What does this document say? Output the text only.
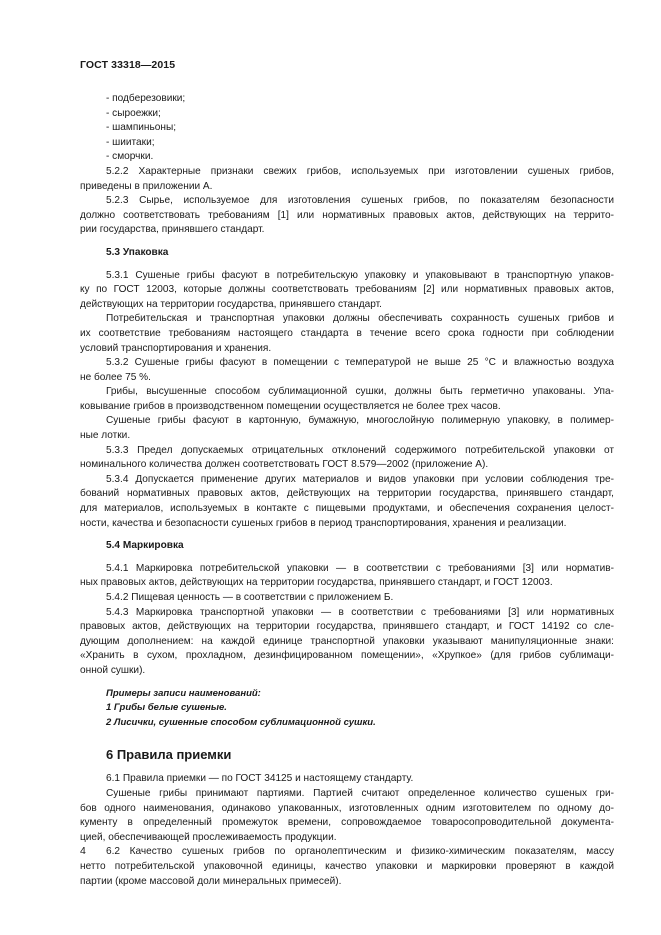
ГОСТ 33318—2015
- подберезовики;
- сыроежки;
- шампиньоны;
- шиитаки;
- сморчки.
5.2.2 Характерные признаки свежих грибов, используемых при изготовлении сушеных грибов,
приведены в приложении А.
5.2.3 Сырье, используемое для изготовления сушеных грибов, по показателям безопасности
должно соответствовать требованиям [1] или нормативных правовых актов, действующих на террито-
рии государства, принявшего стандарт.
5.3 Упаковка
5.3.1 Сушеные грибы фасуют в потребительскую упаковку и упаковывают в транспортную упаков-
ку по ГОСТ 12003, которые должны соответствовать требованиям [2] или нормативных правовых актов,
действующих на территории государства, принявшего стандарт.
Потребительская и транспортная упаковки должны обеспечивать сохранность сушеных грибов и
их соответствие требованиям настоящего стандарта в течение всего срока годности при соблюдении
условий транспортирования и хранения.
5.3.2 Сушеные грибы фасуют в помещении с температурой не выше 25 °C и влажностью воздуха
не более 75 %.
Грибы, высушенные способом сублимационной сушки, должны быть герметично упакованы. Упа-
ковывание грибов в производственном помещении осуществляется не более трех часов.
Сушеные грибы фасуют в картонную, бумажную, многослойную полимерную упаковку, в полимер-
ные лотки.
5.3.3 Предел допускаемых отрицательных отклонений содержимого потребительской упаковки от
номинального количества должен соответствовать ГОСТ 8.579—2002 (приложение А).
5.3.4 Допускается применение других материалов и видов упаковки при условии соблюдения тре-
бований нормативных правовых актов, действующих на территории государства, принявшего стандарт,
для материалов, используемых в контакте с пищевыми продуктами, и обеспечения сохранения целост-
ности, качества и безопасности сушеных грибов в период транспортирования, хранения и реализации.
5.4 Маркировка
5.4.1 Маркировка потребительской упаковки — в соответствии с требованиями [3] или норматив-
ных правовых актов, действующих на территории государства, принявшего стандарт, и ГОСТ 12003.
5.4.2 Пищевая ценность — в соответствии с приложением Б.
5.4.3 Маркировка транспортной упаковки — в соответствии с требованиями [3] или нормативных
правовых актов, действующих на территории государства, принявшего стандарт, и ГОСТ 14192 со сле-
дующим дополнением: на каждой единице транспортной упаковки указывают манипуляционные знаки:
«Хранить в сухом, прохладном, дезинфицированном помещении», «Хрупкое» (для грибов сублимаци-
онной сушки).
Примеры записи наименований:
1 Грибы белые сушеные.
2 Лисички, сушенные способом сублимационной сушки.
6 Правила приемки
6.1 Правила приемки — по ГОСТ 34125 и настоящему стандарту.
Сушеные грибы принимают партиями. Партией считают определенное количество сушеных гри-
бов одного наименования, одинаково упакованных, изготовленных одним изготовителем по одному до-
кументу в определенный промежуток времени, сопровождаемое товаросопроводительной документа-
цией, обеспечивающей прослеживаемость продукции.
6.2 Качество сушеных грибов по органолептическим и физико-химическим показателям, массу
нетто потребительской упаковочной единицы, качество упаковки и маркировки проверяют в каждой
партии (кроме массовой доли минеральных примесей).
4
